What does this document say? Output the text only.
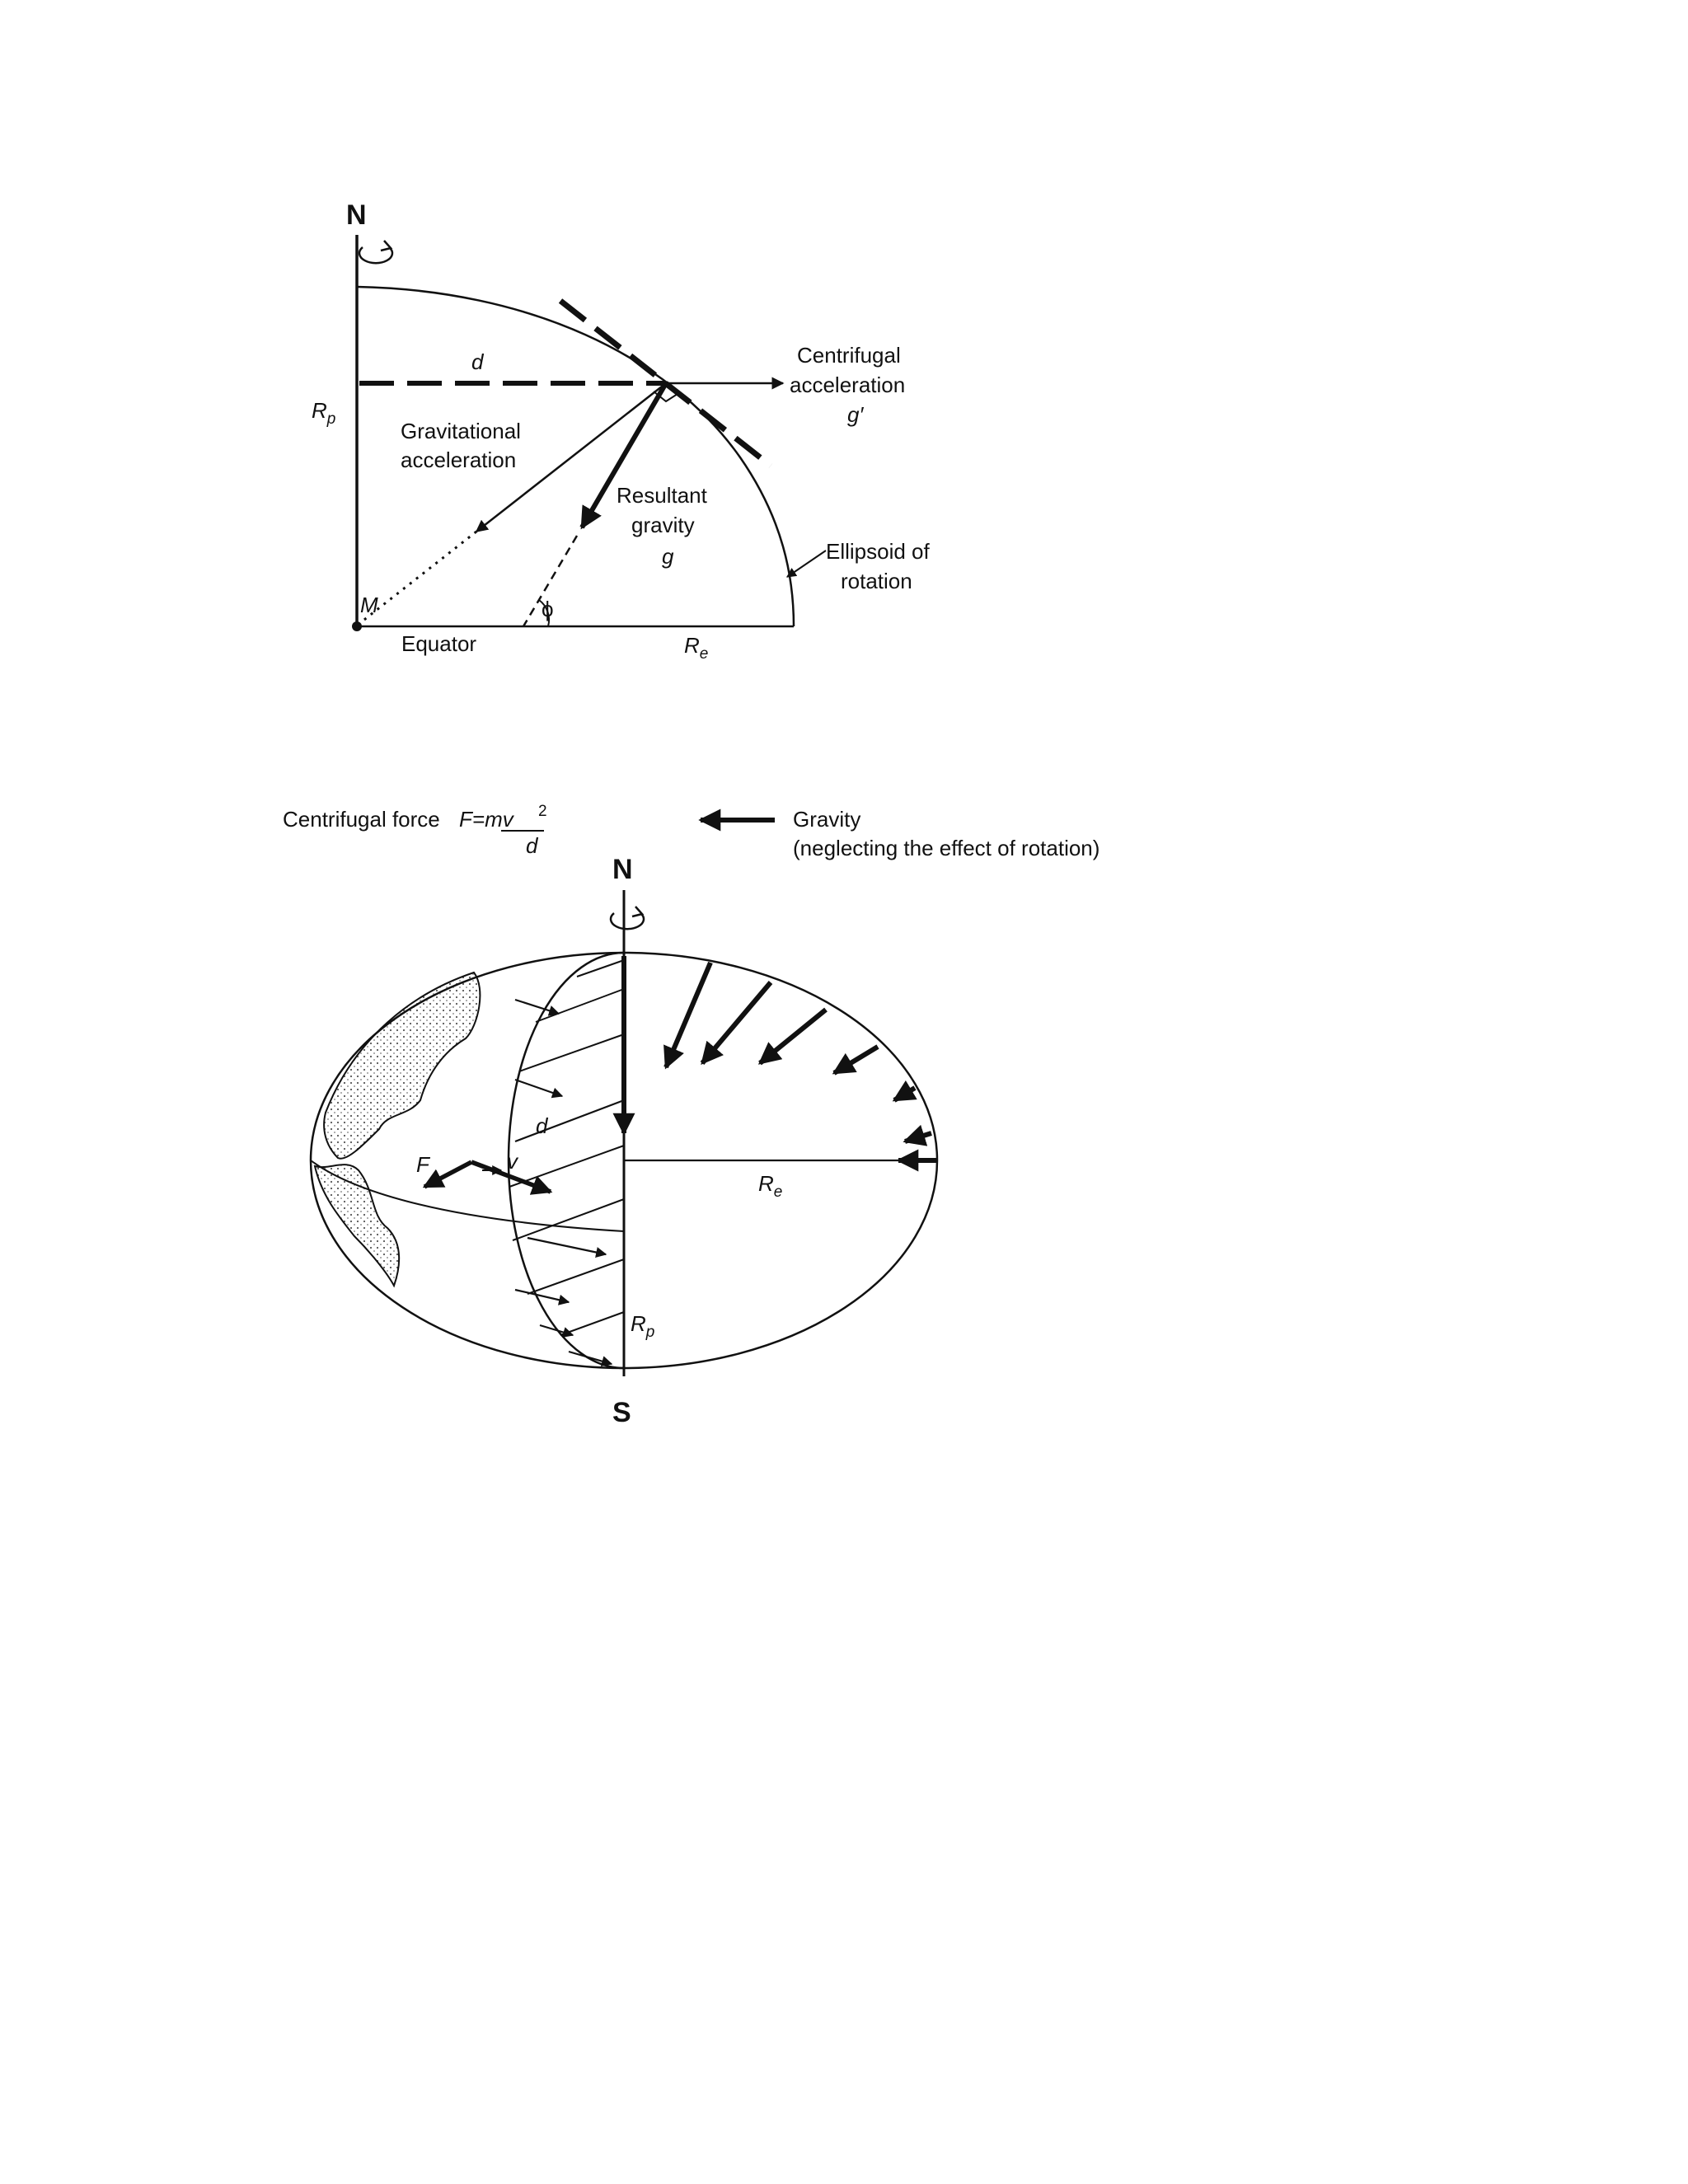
N
$R_p$
d	Centrifugal
acceleration
g′
Gravitational
acceleration
Resultant
gravity
g	Ellipsoid of
rotation
M	ϕ
Equator	$R_e$
Centrifugal force F=mv 2
d
Gravity
(neglecting the effect of rotation)
N
S
d
F	v
$R_e$
$R_p$
